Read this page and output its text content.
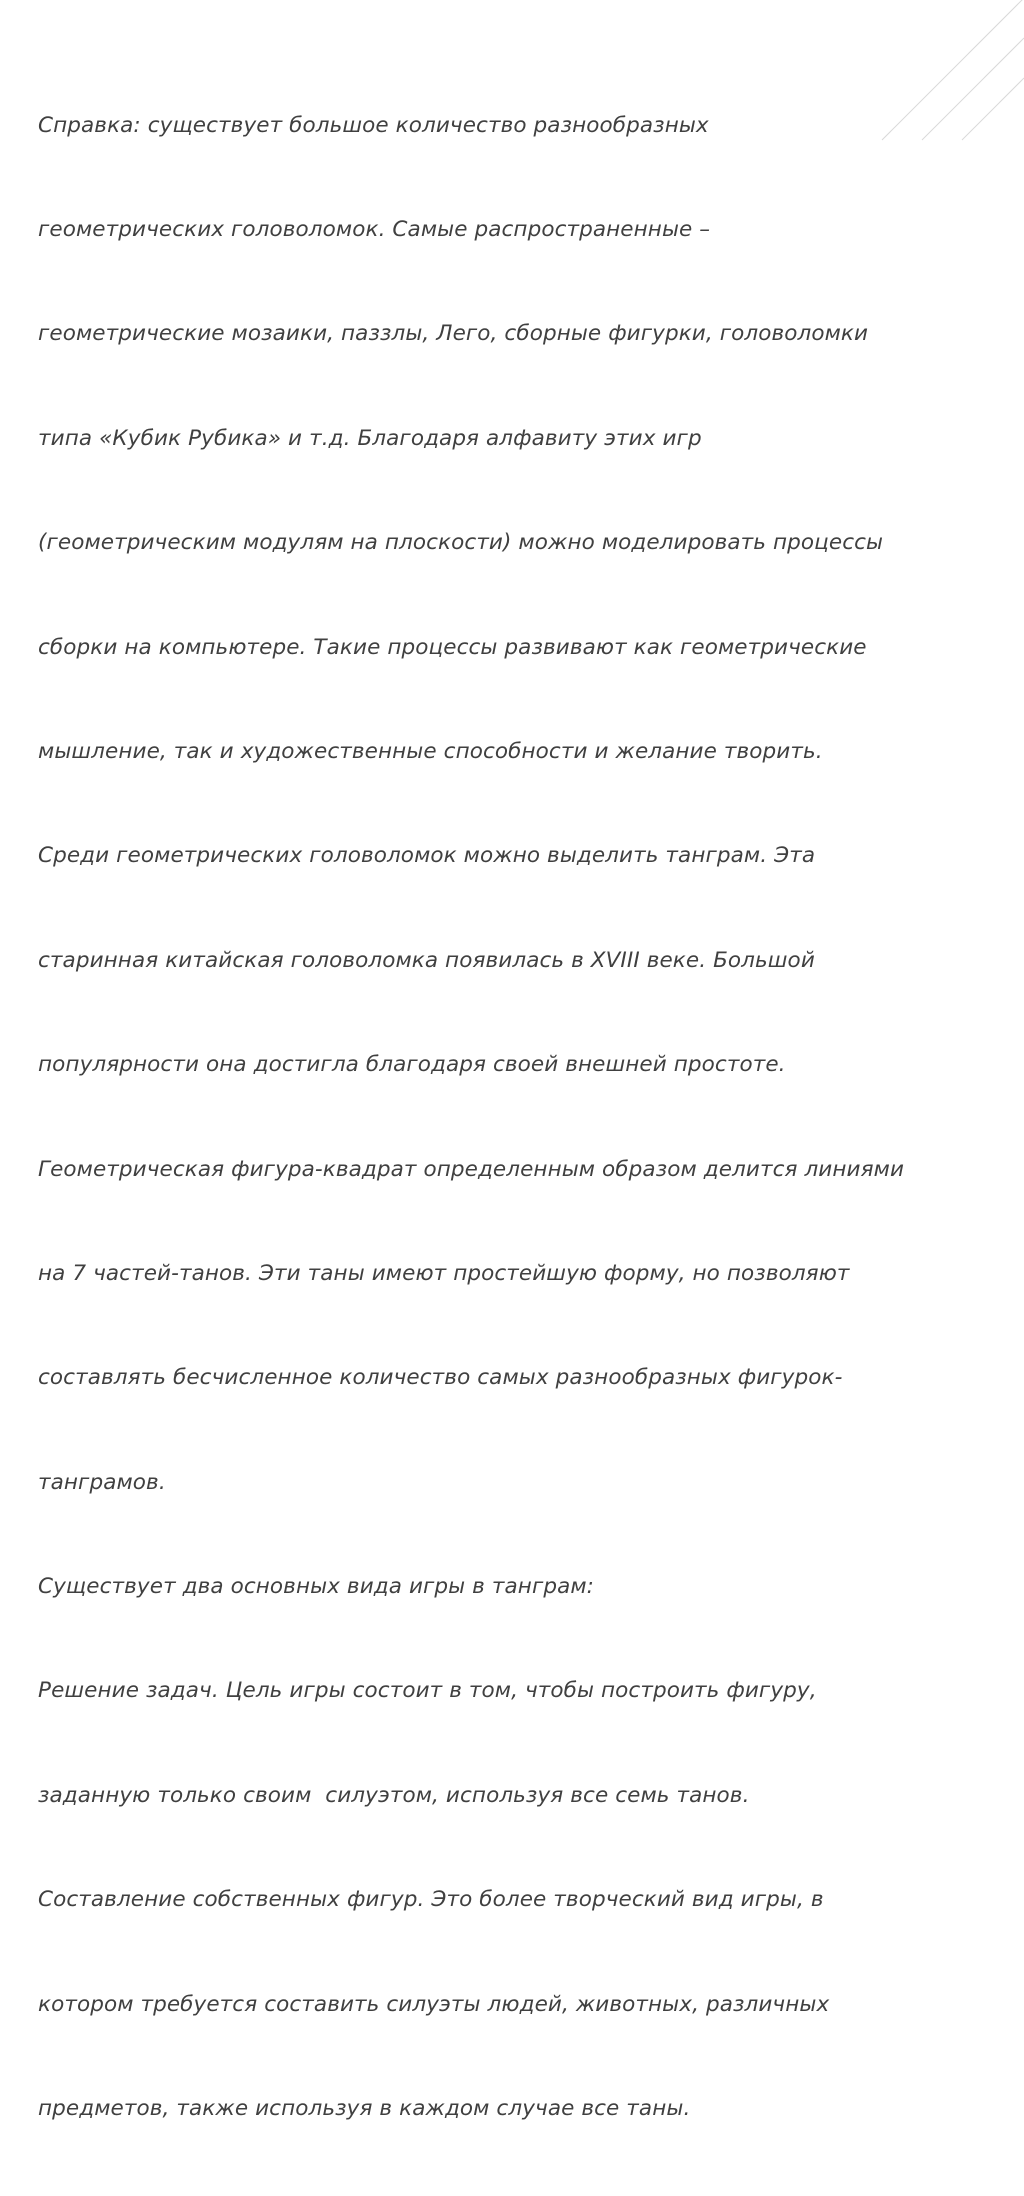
Справка: существует большое количество разнообразных

геометрических головоломок. Самые распространенные –

геометрические мозаики, паззлы, Лего, сборные фигурки, головоломки

типа «Кубик Рубика» и т.д. Благодаря алфавиту этих игр

(геометрическим модулям на плоскости) можно моделировать процессы

сборки на компьютере. Такие процессы развивают как геометрические

мышление, так и художественные способности и желание творить.

Среди геометрических головоломок можно выделить танграм. Эта

старинная китайская головоломка появилась в XVIII веке. Большой

популярности она достигла благодаря своей внешней простоте.

Геометрическая фигура-квадрат определенным образом делится линиями

на 7 частей-танов. Эти таны имеют простейшую форму, но позволяют

составлять бесчисленное количество самых разнообразных фигурок-

танграмов.

Существует два основных вида игры в танграм:

Решение задач. Цель игры состоит в том, чтобы построить фигуру,

заданную только своим  силуэтом, используя все семь танов.

Составление собственных фигур. Это более творческий вид игры, в

котором требуется составить силуэты людей, животных, различных

предметов, также используя в каждом случае все таны.
